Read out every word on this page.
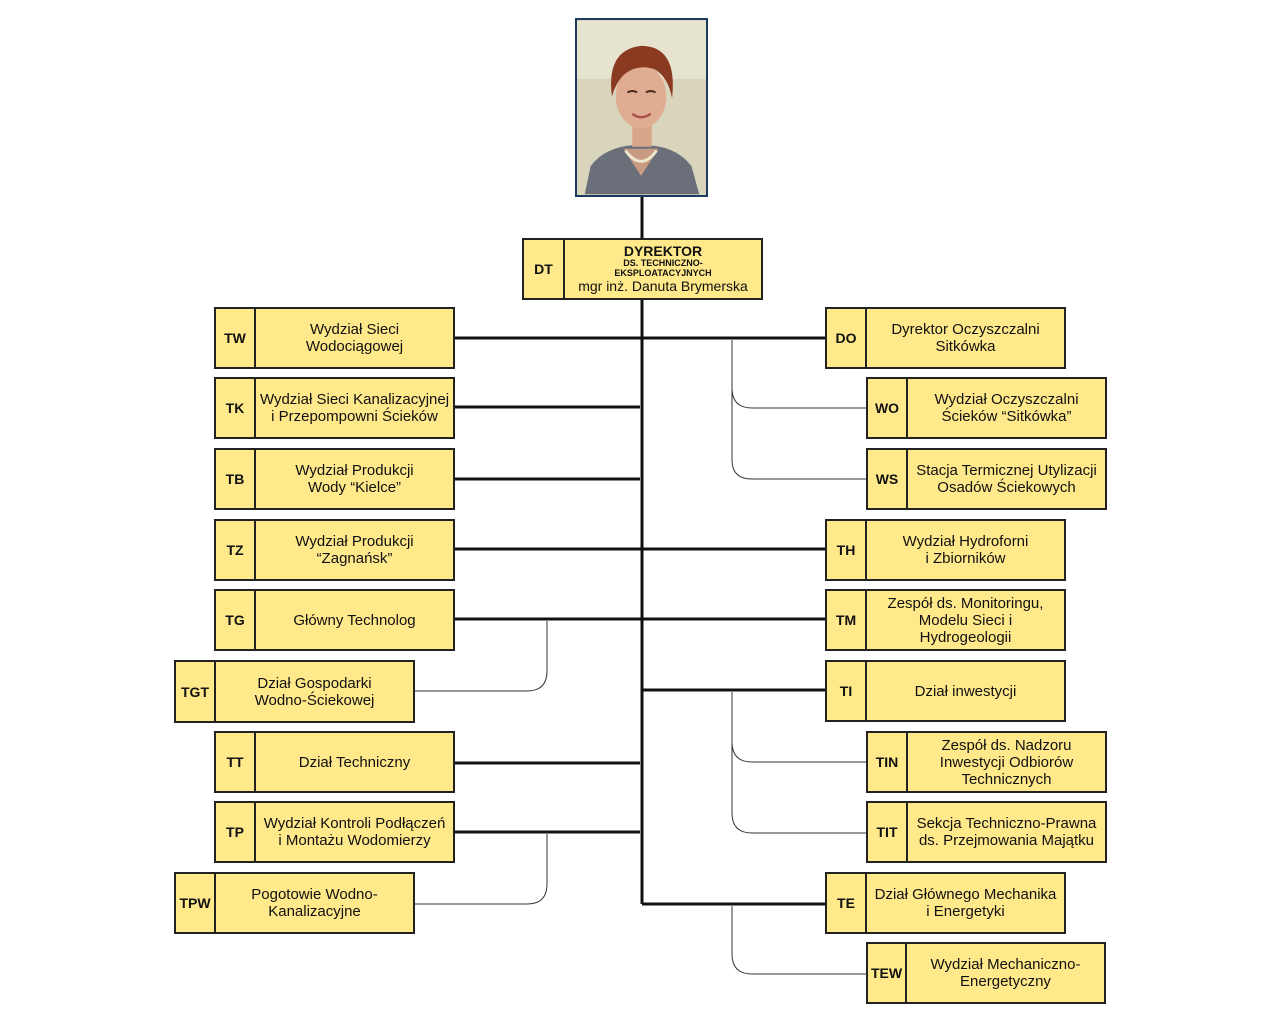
DT
DYREKTOR
DS. TECHNICZNO-
EKSPLOATACYJNYCH
mgr inż. Danuta Brymerska
TW	Wydział Sieci
Wodociągowej
TK	Wydział Sieci Kanalizacyjnej
i Przepompowni Ścieków
TB	Wydział Produkcji
Wody “Kielce”
TZ	Wydział Produkcji
“Zagnańsk”
TG	Główny Technolog
TGT	Dział Gospodarki
Wodno-Ściekowej
TT	Dział Techniczny
TP	Wydział Kontroli Podłączeń
i Montażu Wodomierzy
TPW	Pogotowie Wodno-
Kanalizacyjne
DO	Dyrektor Oczyszczalni
Sitkówka
WO	Wydział Oczyszczalni
Ścieków “Sitkówka”
WS	Stacja Termicznej Utylizacji
Osadów Ściekowych
TH	Wydział Hydroforni
i Zbiorników
TM
Zespół ds. Monitoringu,
Modelu Sieci i
Hydrogeologii
TI	Dział inwestycji
TIN
Zespół ds. Nadzoru
Inwestycji Odbiorów
Technicznych
TIT	Sekcja Techniczno-Prawna
ds. Przejmowania Majątku
TE	Dział Głównego Mechanika
i Energetyki
TEW	Wydział Mechaniczno-
Energetyczny
